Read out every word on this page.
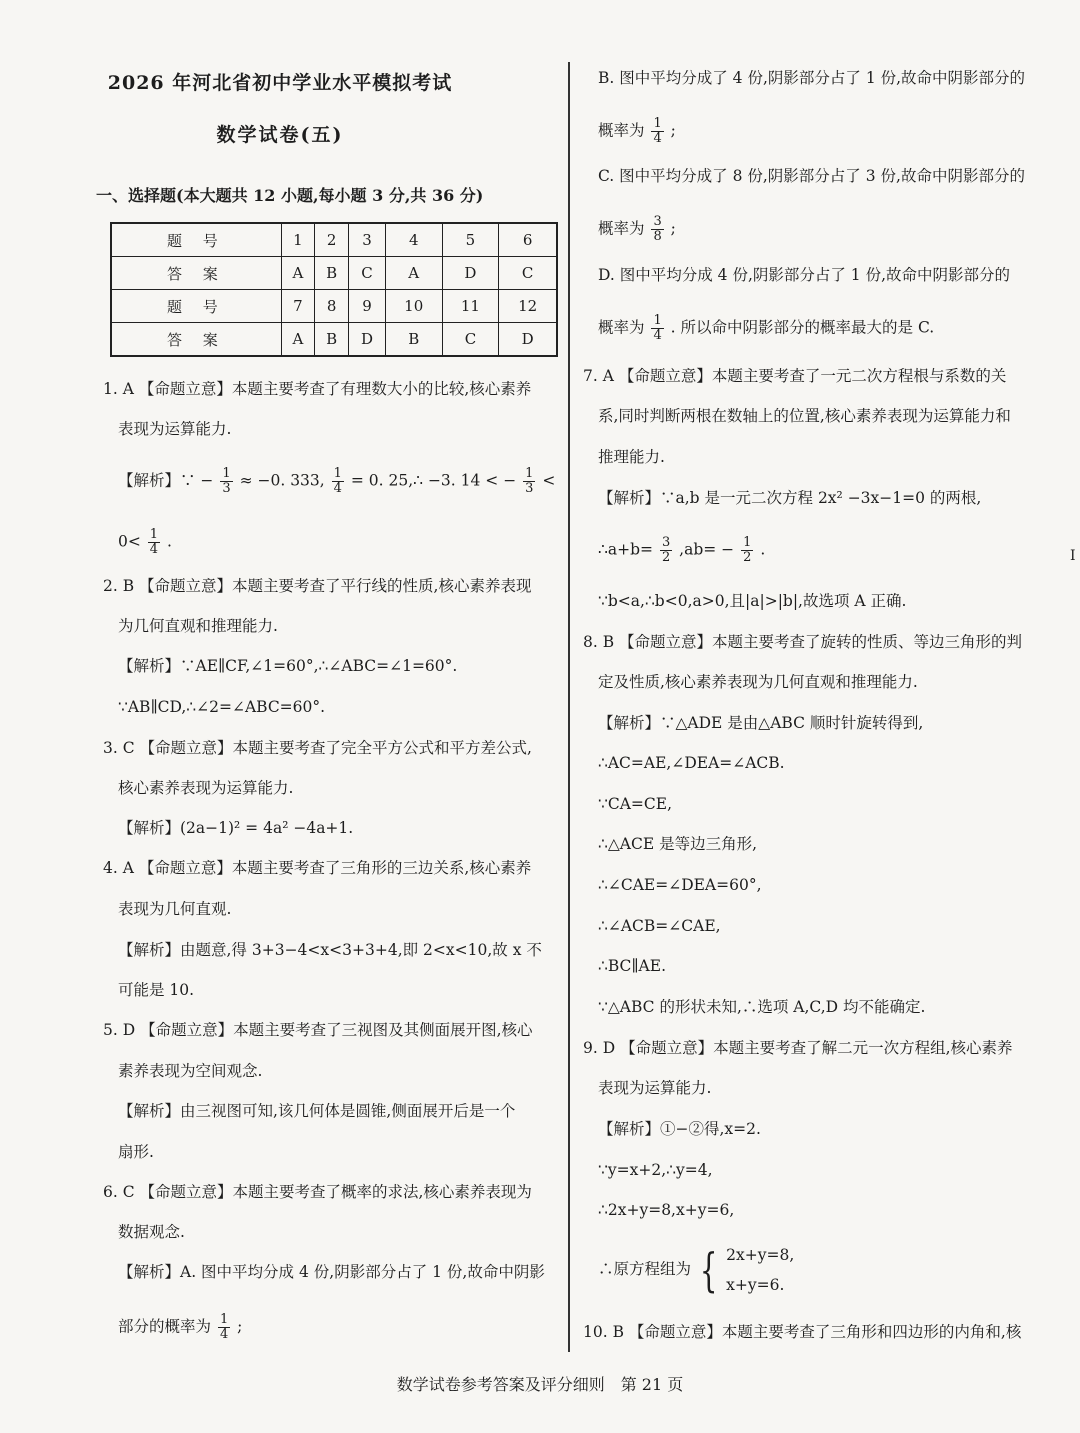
2026 年河北省初中学业水平模拟考试
数学试卷(五)
一、选择题(本大题共 12 小题,每小题 3 分,共 36 分)
题 号	1	2	3	4	5	6
答 案	A	B	C	A	D	C
题 号	7	8	9	10	11	12
答 案	A	B	D	B	C	D
1. A 【命题立意】本题主要考查了有理数大小的比较,核心素养
表现为运算能力.
【解析】∵ − $\frac{1}{3} \approx -0$. 333, $\frac{1}{4} = 0$. 25,∴ −3. 14 < − $\frac{1}{3}$ <
$0< \frac{1}{4}$ .
2. B 【命题立意】本题主要考查了平行线的性质,核心素养表现
为几何直观和推理能力.
【解析】∵AE∥CF,∠1=60°,∴∠ABC=∠1=60°.
∵AB∥CD,∴∠2=∠ABC=60°.
3. C 【命题立意】本题主要考查了完全平方公式和平方差公式,
核心素养表现为运算能力.
【解析】(2a−1)² = 4a² −4a+1.
4. A 【命题立意】本题主要考查了三角形的三边关系,核心素养
表现为几何直观.
【解析】由题意,得 3+3−4<x<3+3+4,即 2<x<10,故 x 不
可能是 10.
5. D 【命题立意】本题主要考查了三视图及其侧面展开图,核心
素养表现为空间观念.
【解析】由三视图可知,该几何体是圆锥,侧面展开后是一个
扇形.
6. C 【命题立意】本题主要考查了概率的求法,核心素养表现为
数据观念.
【解析】A. 图中平均分成 4 份,阴影部分占了 1 份,故命中阴影
部分的概率为 $\frac{1}{4}$ ;
B. 图中平均分成了 4 份,阴影部分占了 1 份,故命中阴影部分的
概率为 $\frac{1}{4}$ ;
C. 图中平均分成了 8 份,阴影部分占了 3 份,故命中阴影部分的
概率为 $\frac{3}{8}$ ;
D. 图中平均分成 4 份,阴影部分占了 1 份,故命中阴影部分的
概率为 $\frac{1}{4}$ . 所以命中阴影部分的概率最大的是 C.
7. A 【命题立意】本题主要考查了一元二次方程根与系数的关
系,同时判断两根在数轴上的位置,核心素养表现为运算能力和
推理能力.
【解析】∵a,b 是一元二次方程 2x² −3x−1=0 的两根,
∴a+b= $\frac{3}{2} ,ab= - \frac{1}{2}$ .
∵b<a,∴b<0,a>0,且|a|>|b|,故选项 A 正确.
8. B 【命题立意】本题主要考查了旋转的性质、等边三角形的判
定及性质,核心素养表现为几何直观和推理能力.
【解析】∵△ADE 是由△ABC 顺时针旋转得到,
∴AC=AE,∠DEA=∠ACB.
∵CA=CE,
∴△ACE 是等边三角形,
∴∠CAE=∠DEA=60°,
∴∠ACB=∠CAE,
∴BC∥AE.
∵△ABC 的形状未知,∴选项 A,C,D 均不能确定.
9. D 【命题立意】本题主要考查了解二元一次方程组,核心素养
表现为运算能力.
【解析】①−②得,x=2.
∵y=x+2,∴y=4,
∴2x+y=8,x+y=6,
∴原方程组为 { 2x+y=8,
x+y=6.
10. B 【命题立意】本题主要考查了三角形和四边形的内角和,核
I
数学试卷参考答案及评分细则　第 21 页
